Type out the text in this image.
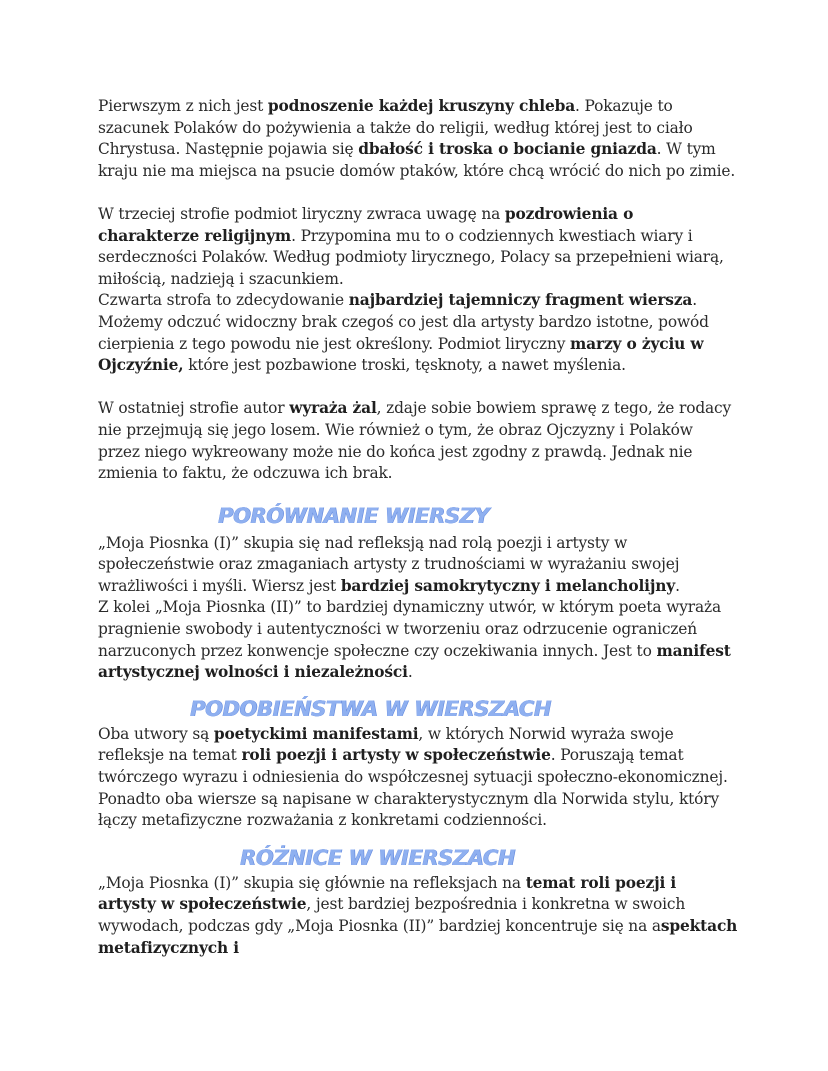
Pierwszym z nich jest podnoszenie każdej kruszyny chleba. Pokazuje to szacunek Polaków do pożywienia a także do religii, według której jest to ciało Chrystusa. Następnie pojawia się dbałość i troska o bocianie gniazda. W tym kraju nie ma miejsca na psucie domów ptaków, które chcą wrócić do nich po zimie.

W trzeciej strofie podmiot liryczny zwraca uwagę na pozdrowienia o charakterze religijnym. Przypomina mu to o codziennych kwestiach wiary i serdeczności Polaków. Według podmioty lirycznego, Polacy sa przepełnieni wiarą, miłością, nadzieją i szacunkiem.

Czwarta strofa to zdecydowanie najbardziej tajemniczy fragment wiersza. Możemy odczuć widoczny brak czegoś co jest dla artysty bardzo istotne, powód cierpienia z tego powodu nie jest określony. Podmiot liryczny marzy o życiu w Ojczyźnie, które jest pozbawione troski, tęsknoty, a nawet myślenia.

W ostatniej strofie autor wyraża żal, zdaje sobie bowiem sprawę z tego, że rodacy nie przejmują się jego losem. Wie również o tym, że obraz Ojczyzny i Polaków przez niego wykreowany może nie do końca jest zgodny z prawdą. Jednak nie zmienia to faktu, że odczuwa ich brak.

PORÓWNANIE WIERSZY

„Moja Piosnka (I)” skupia się nad refleksją nad rolą poezji i artysty w społeczeństwie oraz zmaganiach artysty z trudnościami w wyrażaniu swojej wrażliwości i myśli. Wiersz jest bardziej samokrytyczny i melancholijny.

Z kolei „Moja Piosnka (II)” to bardziej dynamiczny utwór, w którym poeta wyraża pragnienie swobody i autentyczności w tworzeniu oraz odrzucenie ograniczeń narzuconych przez konwencje społeczne czy oczekiwania innych. Jest to manifest artystycznej wolności i niezależności.

PODOBIEŃSTWA W WIERSZACH

Oba utwory są poetyckimi manifestami, w których Norwid wyraża swoje refleksje na temat roli poezji i artysty w społeczeństwie. Poruszają temat twórczego wyrazu i odniesienia do współczesnej sytuacji społeczno-ekonomicznej. Ponadto oba wiersze są napisane w charakterystycznym dla Norwida stylu, który łączy metafizyczne rozważania z konkretami codzienności.

RÓŻNICE W WIERSZACH

„Moja Piosnka (I)” skupia się głównie na refleksjach na temat roli poezji i artysty w społeczeństwie, jest bardziej bezpośrednia i konkretna w swoich wywodach, podczas gdy „Moja Piosnka (II)” bardziej koncentruje się na aspektach metafizycznych i
